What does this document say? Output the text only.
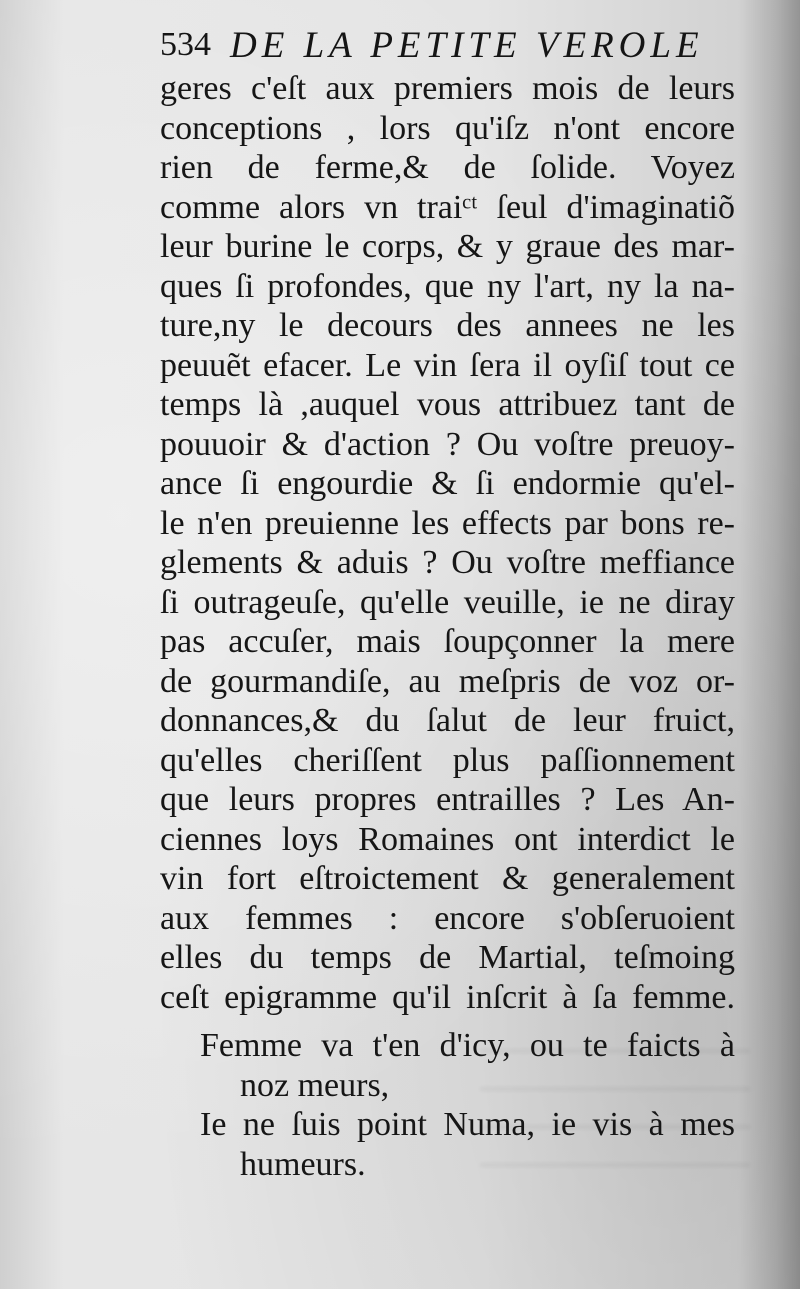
534 DE LA PETITE VEROLE
geres c'eſt aux premiers mois de leurs
conceptions , lors qu'iſz n'ont encore
rien de ferme,& de ſolide. Voyez
comme alors vn traiᶜᵗ ſeul d'imaginatiõ
leur burine le corps, & y graue des mar-
ques ſi profondes, que ny l'art, ny la na-
ture,ny le decours des annees ne les
peuuẽt efacer. Le vin ſera il oyſiſ tout ce
temps là ,auquel vous attribuez tant de
pouuoir & d'action ? Ou voſtre preuoy-
ance ſi engourdie & ſi endormie qu'el-
le n'en preuienne les effects par bons re-
glements & aduis ? Ou voſtre meffiance
ſi outrageuſe, qu'elle veuille, ie ne diray
pas accuſer, mais ſoupçonner la mere
de gourmandiſe, au meſpris de voz or-
donnances,& du ſalut de leur fruict,
qu'elles cheriſſent plus paſſionnement
que leurs propres entrailles ? Les An-
ciennes loys Romaines ont interdict le
vin fort eſtroictement & generalement
aux femmes : encore s'obſeruoient
elles du temps de Martial, teſmoing
ceſt epigramme qu'il inſcrit à ſa femme.
Femme va t'en d'icy, ou te faicts à
noz meurs,
Ie ne ſuis point Numa, ie vis à mes
humeurs.
